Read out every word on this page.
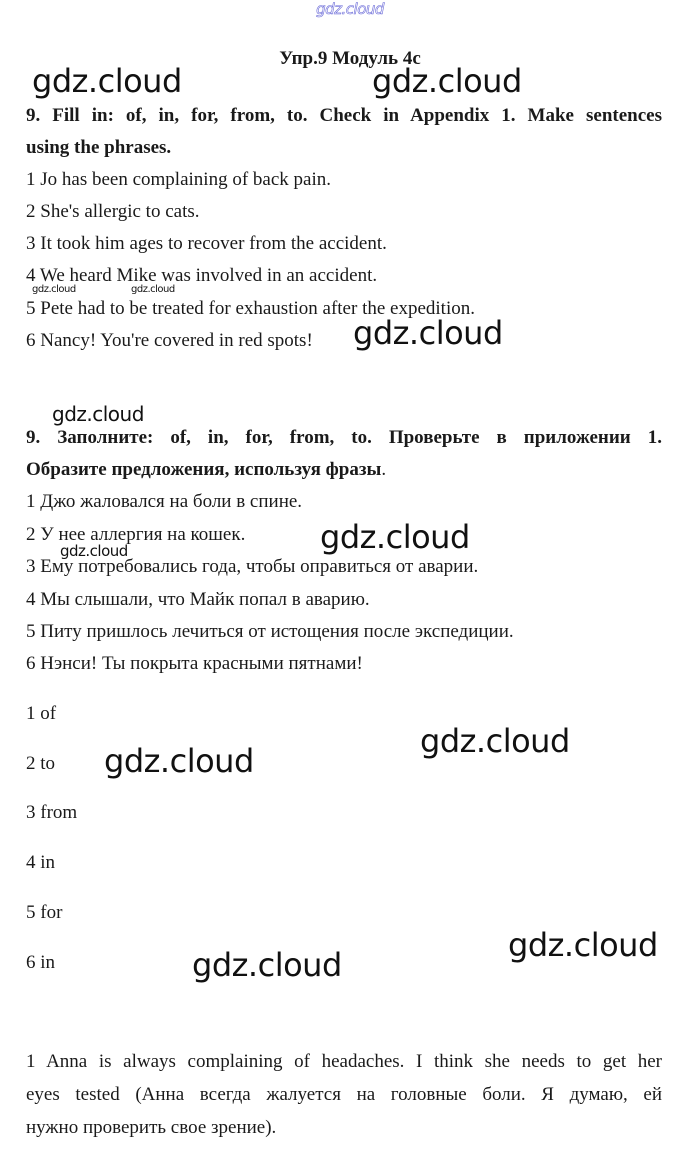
gdz.cloud
Упр.9 Модуль 4с
9. Fill in: of, in, for, from, to. Check in Appendix 1. Make sentences
using the phrases.
1 Jo has been complaining of back pain.
2 She's allergic to cats.
3 It took him ages to recover from the accident.
4 We heard Mike was involved in an accident.
5 Pete had to be treated for exhaustion after the expedition.
6 Nancy! You're covered in red spots!
9. Заполните: of, in, for, from, to. Проверьте в приложении 1.
Образите предложения, используя фразы.
1 Джо жаловался на боли в спине.
2 У нее аллергия на кошек.
3 Ему потребовались года, чтобы оправиться от аварии.
4 Мы слышали, что Майк попал в аварию.
5 Питу пришлось лечиться от истощения после экспедиции.
6 Нэнси! Ты покрыта красными пятнами!
1 of
2 to
3 from
4 in
5 for
6 in
1 Anna is always complaining of headaches. I think she needs to get her
eyes tested (Анна всегда жалуется на головные боли. Я думаю, ей
нужно проверить свое зрение).
gdz.cloud	gdz.cloud
gdz.cloud	gdz.cloud
gdz.cloud
gdz.cloud
gdz.cloud
gdz.cloud
gdz.cloud
gdz.cloud
gdz.cloud
gdz.cloud
